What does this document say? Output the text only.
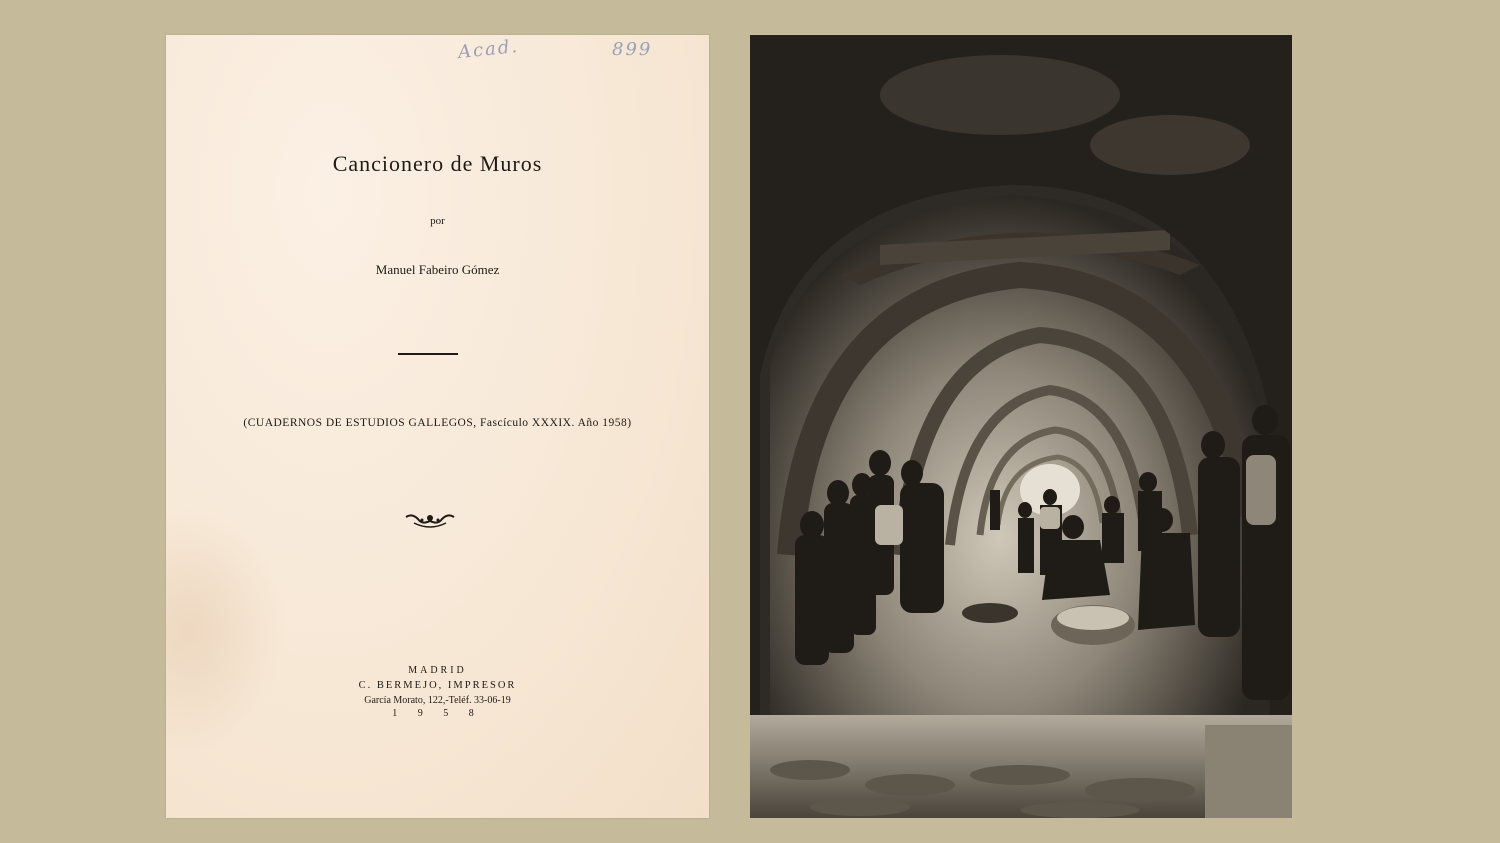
Acad.	899
Cancionero de Muros
por
Manuel Fabeiro Gómez
(CUADERNOS DE ESTUDIOS GALLEGOS, Fascículo XXXIX. Año 1958)
MADRID
C. BERMEJO, IMPRESOR
García Morato, 122,-Teléf. 33-06-19
1 9 5 8
